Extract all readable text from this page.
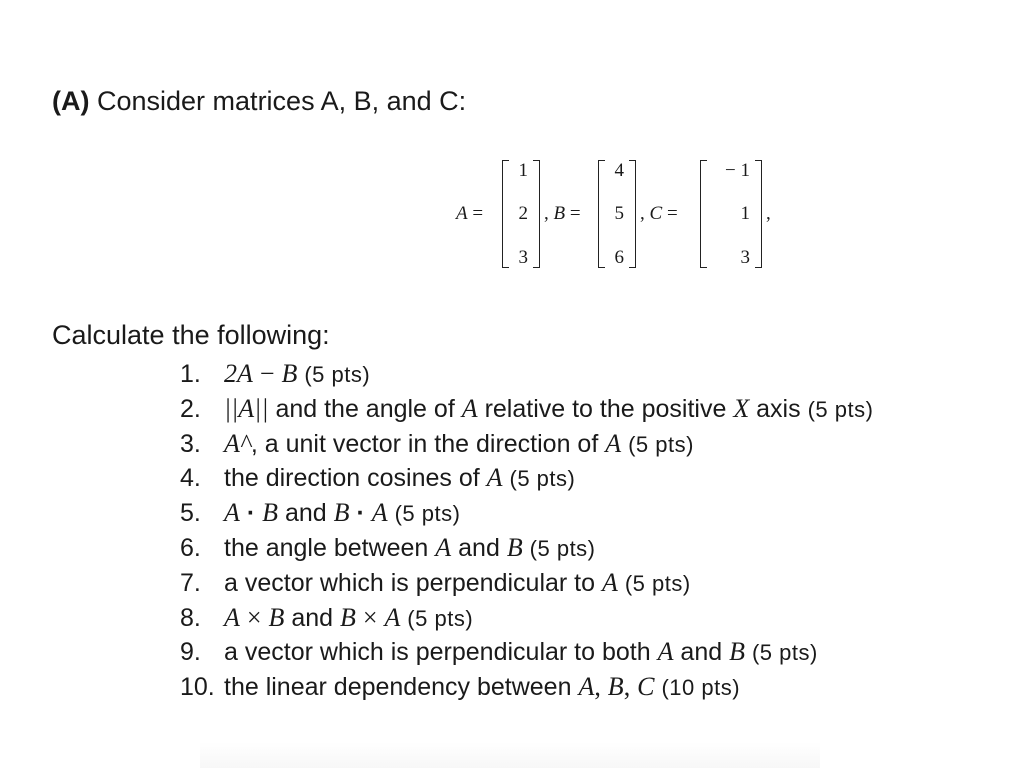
(A) Consider matrices A, B, and C:
A =
1
2
3
, B =
4
5
6
, C =
− 1
1
3
,
Calculate the following:
1. 2A − B (5 pts)
2. ||A|| and the angle of A relative to the positive X axis (5 pts)
3. A^, a unit vector in the direction of A (5 pts)
4. the direction cosines of A (5 pts)
5. A · B and B · A (5 pts)
6. the angle between A and B (5 pts)
7. a vector which is perpendicular to A (5 pts)
8. A × B and B × A (5 pts)
9. a vector which is perpendicular to both A and B (5 pts)
10. the linear dependency between A, B, C (10 pts)
